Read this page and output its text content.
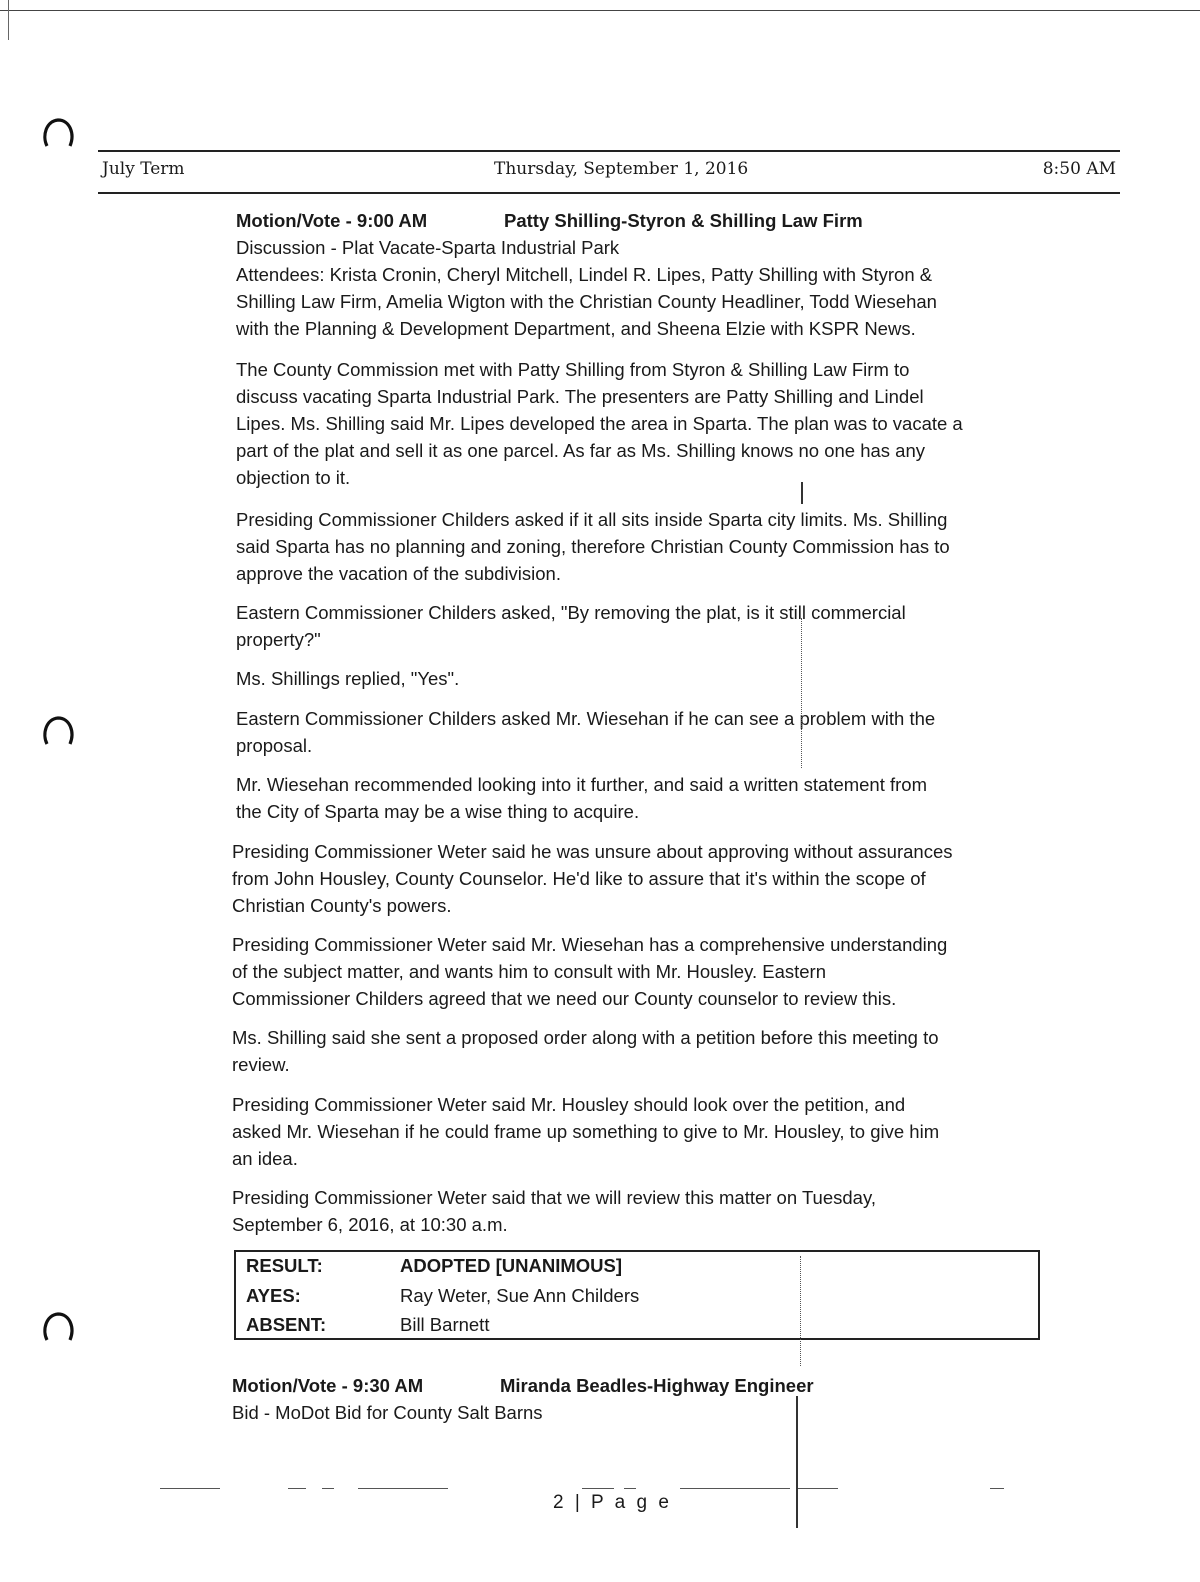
July Term	Thursday, September 1, 2016	8:50 AM
Motion/Vote - 9:00 AM	Patty Shilling-Styron & Shilling Law Firm
Discussion - Plat Vacate-Sparta Industrial Park
Attendees: Krista Cronin, Cheryl Mitchell, Lindel R. Lipes, Patty Shilling with Styron &
Shilling Law Firm, Amelia Wigton with the Christian County Headliner, Todd Wiesehan
with the Planning & Development Department, and Sheena Elzie with KSPR News.
The County Commission met with Patty Shilling from Styron & Shilling Law Firm to
discuss vacating Sparta Industrial Park. The presenters are Patty Shilling and Lindel
Lipes. Ms. Shilling said Mr. Lipes developed the area in Sparta. The plan was to vacate a
part of the plat and sell it as one parcel. As far as Ms. Shilling knows no one has any
objection to it.
Presiding Commissioner Childers asked if it all sits inside Sparta city limits. Ms. Shilling
said Sparta has no planning and zoning, therefore Christian County Commission has to
approve the vacation of the subdivision.
Eastern Commissioner Childers asked, "By removing the plat, is it still commercial
property?"
Ms. Shillings replied, "Yes".
Eastern Commissioner Childers asked Mr. Wiesehan if he can see a problem with the
proposal.
Mr. Wiesehan recommended looking into it further, and said a written statement from
the City of Sparta may be a wise thing to acquire.
Presiding Commissioner Weter said he was unsure about approving without assurances
from John Housley, County Counselor. He'd like to assure that it's within the scope of
Christian County's powers.
Presiding Commissioner Weter said Mr. Wiesehan has a comprehensive understanding
of the subject matter, and wants him to consult with Mr. Housley. Eastern
Commissioner Childers agreed that we need our County counselor to review this.
Ms. Shilling said she sent a proposed order along with a petition before this meeting to
review.
Presiding Commissioner Weter said Mr. Housley should look over the petition, and
asked Mr. Wiesehan if he could frame up something to give to Mr. Housley, to give him
an idea.
Presiding Commissioner Weter said that we will review this matter on Tuesday,
September 6, 2016, at 10:30 a.m.
RESULT:	ADOPTED [UNANIMOUS]
AYES:	Ray Weter, Sue Ann Childers
ABSENT:	Bill Barnett
Motion/Vote - 9:30 AM	Miranda Beadles-Highway Engineer
Bid - MoDot Bid for County Salt Barns
2 | P a g e
